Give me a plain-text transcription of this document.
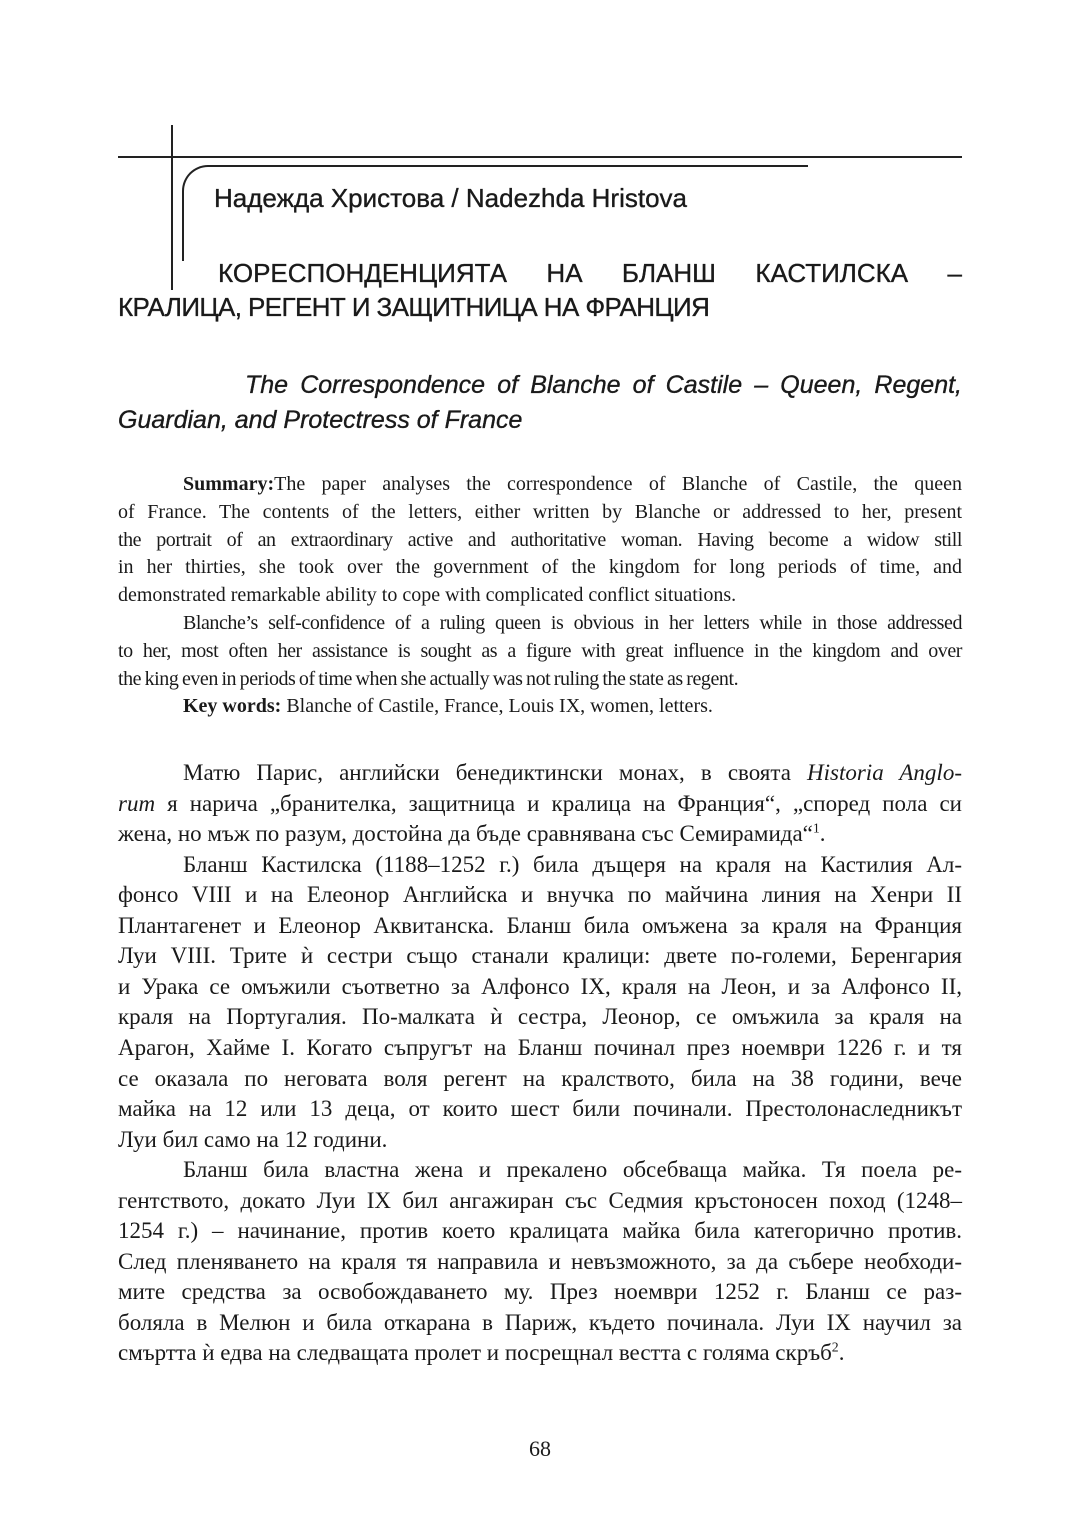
Надежда Христова / Nadezhda Hristova
КОРЕСПОНДЕНЦИЯТА НА БЛАНШ КАСТИЛСКА –
КРАЛИЦА, РЕГЕНТ И ЗАЩИТНИЦА НА ФРАНЦИЯ
The Correspondence of Blanche of Castile – Queen, Regent,
Guardian, and Protectress of France
Summary:The paper analyses the correspondence of Blanche of Castile, the queen
of France. The contents of the letters, either written by Blanche or addressed to her, present
the portrait of an extraordinary active and authoritative woman. Having become a widow still
in her thirties, she took over the government of the kingdom for long periods of time, and
demonstrated remarkable ability to cope with complicated conflict situations.
Blanche’s self-confidence of a ruling queen is obvious in her letters while in those addressed
to her, most often her assistance is sought as a figure with great influence in the kingdom and over
the king even in periods of time when she actually was not ruling the state as regent.
Key words: Blanche of Castile, France, Louis IX, women, letters.
Матю Парис, английски бенедиктински монах, в своята Historia Anglo-
rum я нарича „бранителка, защитница и кралица на Франция“, „според пола си
жена, но мъж по разум, достойна да бъде сравнявана със Семирамида“$^1$.
Бланш Кастилска (1188–1252 г.) била дъщеря на краля на Кастилия Ал-
фонсо VIII и на Елеонор Английска и внучка по майчина линия на Хенри II
Плантагенет и Елеонор Аквитанска. Бланш била омъжена за краля на Франция
Луи VIII. Трите ѝ сестри също станали кралици: двете по-големи, Беренгария
и Урака се омъжили съответно за Алфонсо IX, краля на Леон, и за Алфонсо II,
краля на Португалия. По-малката ѝ сестра, Леонор, се омъжила за краля на
Арагон, Хайме I. Когато съпругът на Бланш починал през ноември 1226 г. и тя
се оказала по неговата воля регент на кралството, била на 38 години, вече
майка на 12 или 13 деца, от които шест били починали. Престолонаследникът
Луи бил само на 12 години.
Бланш била властна жена и прекалено обсебваща майка. Тя поела ре-
гентството, докато Луи IX бил ангажиран със Седмия кръстоносен поход (1248–
1254 г.) – начинание, против което кралицата майка била категорично против.
След пленяването на краля тя направила и невъзможното, за да събере необходи-
мите средства за освобождаването му. През ноември 1252 г. Бланш се раз-
боляла в Мелюн и била откарана в Париж, където починала. Луи IX научил за
смъртта ѝ едва на следващата пролет и посрещнал вестта с голяма скръб$^2$.
68
